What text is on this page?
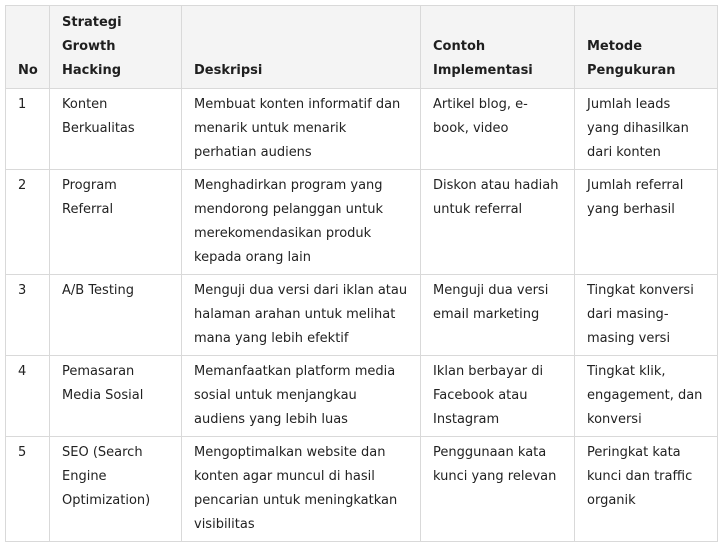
No	Strategi Growth Hacking	Deskripsi	Contoh Implementasi	Metode Pengukuran
1	Konten Berkualitas	Membuat konten informatif dan menarik untuk menarik perhatian audiens	Artikel blog, e-book, video	Jumlah leads yang dihasilkan dari konten
2	Program Referral	Menghadirkan program yang mendorong pelanggan untuk merekomendasikan produk kepada orang lain	Diskon atau hadiah untuk referral	Jumlah referral yang berhasil
3	A/B Testing	Menguji dua versi dari iklan atau halaman arahan untuk melihat mana yang lebih efektif	Menguji dua versi email marketing	Tingkat konversi dari masing-masing versi
4	Pemasaran Media Sosial	Memanfaatkan platform media sosial untuk menjangkau audiens yang lebih luas	Iklan berbayar di Facebook atau Instagram	Tingkat klik, engagement, dan konversi
5	SEO (Search Engine Optimization)	Mengoptimalkan website dan konten agar muncul di hasil pencarian untuk meningkatkan visibilitas	Penggunaan kata kunci yang relevan	Peringkat kata kunci dan traffic organik
